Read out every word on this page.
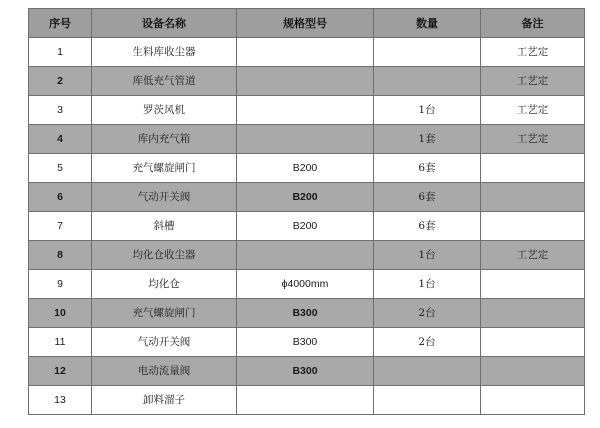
序号	设备名称	规格型号	数量	备注
1	生料库收尘器			工艺定
2	库低充气管道			工艺定
3	罗茨风机		1台	工艺定
4	库内充气箱		1套	工艺定
5	充气螺旋闸门	B200	6套	
6	气动开关阀	B200	6套	
7	斜槽	B200	6套	
8	均化仓收尘器		1台	工艺定
9	均化仓	ϕ4000mm	1台	
10	充气螺旋闸门	B300	2台	
11	气动开关阀	B300	2台	
12	电动流量阀	B300		
13	卸料溜子			
